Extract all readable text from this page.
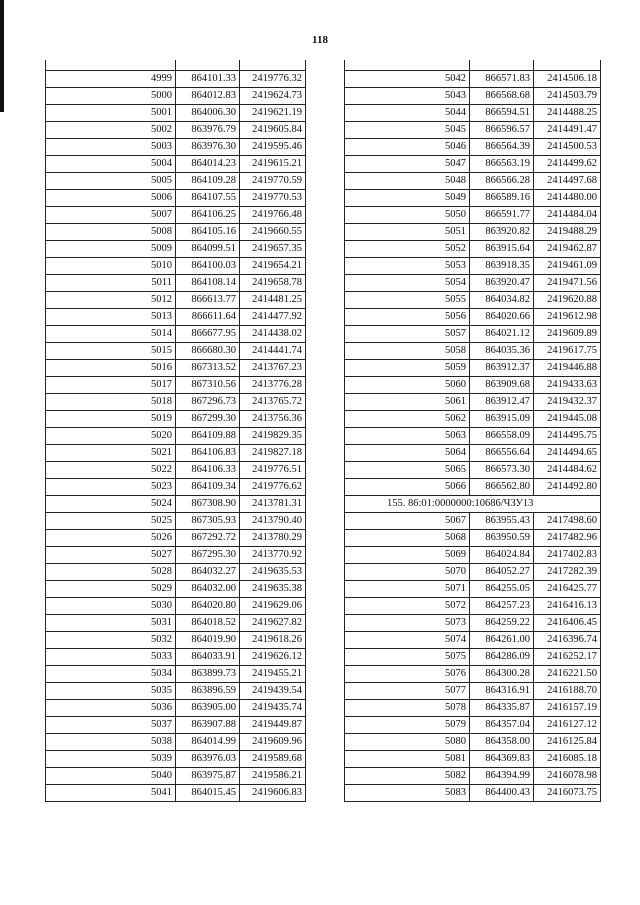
118

4999	864101.33	2419776.32
5000	864012.83	2419624.73
5001	864006.30	2419621.19
5002	863976.79	2419605.84
5003	863976.30	2419595.46
5004	864014.23	2419615.21
5005	864109.28	2419770.59
5006	864107.55	2419770.53
5007	864106.25	2419766.48
5008	864105.16	2419660.55
5009	864099.51	2419657.35
5010	864100.03	2419654.21
5011	864108.14	2419658.78
5012	866613.77	2414481.25
5013	866611.64	2414477.92
5014	866677.95	2414438.02
5015	866680.30	2414441.74
5016	867313.52	2413767.23
5017	867310.56	2413776.28
5018	867296.73	2413765.72
5019	867299.30	2413756.36
5020	864109.88	2419829.35
5021	864106.83	2419827.18
5022	864106.33	2419776.51
5023	864109.34	2419776.62
5024	867308.90	2413781.31
5025	867305.93	2413790.40
5026	867292.72	2413780.29
5027	867295.30	2413770.92
5028	864032.27	2419635.53
5029	864032.00	2419635.38
5030	864020.80	2419629.06
5031	864018.52	2419627.82
5032	864019.90	2419618.26
5033	864033.91	2419626.12
5034	863899.73	2419455.21
5035	863896.59	2419439.54
5036	863905.00	2419435.74
5037	863907.88	2419449.87
5038	864014.99	2419609.96
5039	863976.03	2419589.68
5040	863975.87	2419586.21
5041	864015.45	2419606.83

5042	866571.83	2414506.18
5043	866568.68	2414503.79
5044	866594.51	2414488.25
5045	866596.57	2414491.47
5046	866564.39	2414500.53
5047	866563.19	2414499.62
5048	866566.28	2414497.68
5049	866589.16	2414480.00
5050	866591.77	2414484.04
5051	863920.82	2419488.29
5052	863915.64	2419462.87
5053	863918.35	2419461.09
5054	863920.47	2419471.56
5055	864034.82	2419620.88
5056	864020.66	2419612.98
5057	864021.12	2419609.89
5058	864035.36	2419617.75
5059	863912.37	2419446.88
5060	863909.68	2419433.63
5061	863912.47	2419432.37
5062	863915.09	2419445.08
5063	866558.09	2414495.75
5064	866556.64	2414494.65
5065	866573.30	2414484.62
5066	866562.80	2414492.80
155. 86:01:0000000:10686/ЧЗУ13		
5067	863955.43	2417498.60
5068	863950.59	2417482.96
5069	864024.84	2417402.83
5070	864052.27	2417282.39
5071	864255.05	2416425.77
5072	864257.23	2416416.13
5073	864259.22	2416406.45
5074	864261.00	2416396.74
5075	864286.09	2416252.17
5076	864300.28	2416221.50
5077	864316.91	2416188.70
5078	864335.87	2416157.19
5079	864357.04	2416127.12
5080	864358.00	2416125.84
5081	864369.83	2416085.18
5082	864394.99	2416078.98
5083	864400.43	2416073.75
